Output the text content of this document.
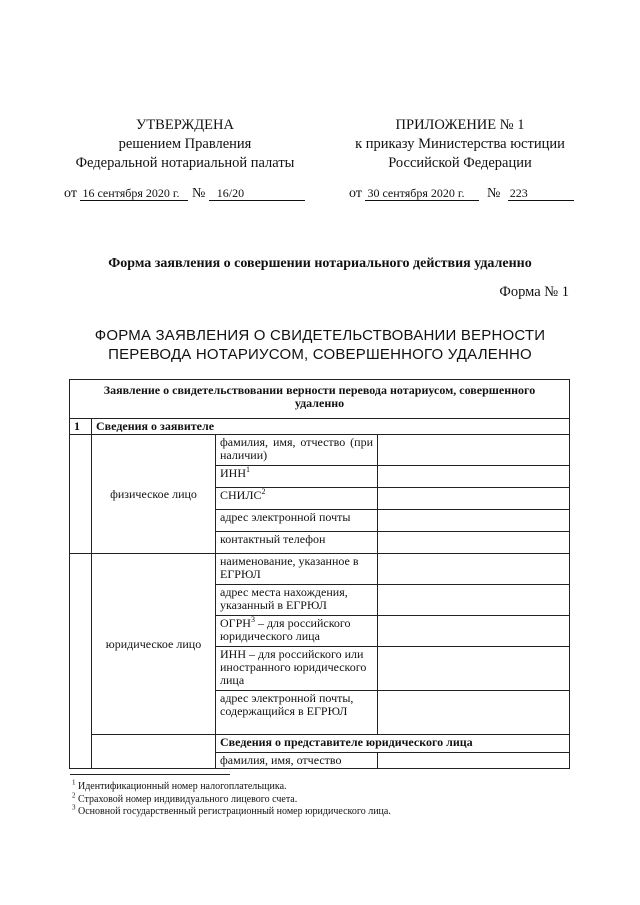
УТВЕРЖДЕНА
решением Правления
Федеральной нотариальной палаты
ПРИЛОЖЕНИЕ № 1
к приказу Министерства юстиции
Российской Федерации
от 16 сентября 2020 г. № 16/20	от 30 сентября 2020 г. № 223
Форма заявления о совершении нотариального действия удаленно
Форма № 1
ФОРМА ЗАЯВЛЕНИЯ О СВИДЕТЕЛЬСТВОВАНИИ ВЕРНОСТИ
ПЕРЕВОДА НОТАРИУСОМ, СОВЕРШЕННОГО УДАЛЕННО
Заявление о свидетельствовании верности перевода нотариусом, совершенного удаленно			
1	Сведения о заявителе		
	физическое лицо	фамилия, имя, отчество (при наличии)	

		ИНН$^1$	
		СНИЛС$^2$	
		адрес электронной почты	
		контактный телефон	
	юридическое лицо	наименование, указанное в ЕГРЮЛ	
		адрес места нахождения, указанный в ЕГРЮЛ	
		ОГРН$^3$ – для российского юридического лица	
		ИНН – для российского или иностранного юридического лица	
		адрес электронной почты, содержащийся в ЕГРЮЛ	
		Сведения о представителе юридического лица	
		фамилия, имя, отчество	
$^1$ Идентификационный номер налогоплательщика.
$^2$ Страховой номер индивидуального лицевого счета.
$^3$ Основной государственный регистрационный номер юридического лица.
